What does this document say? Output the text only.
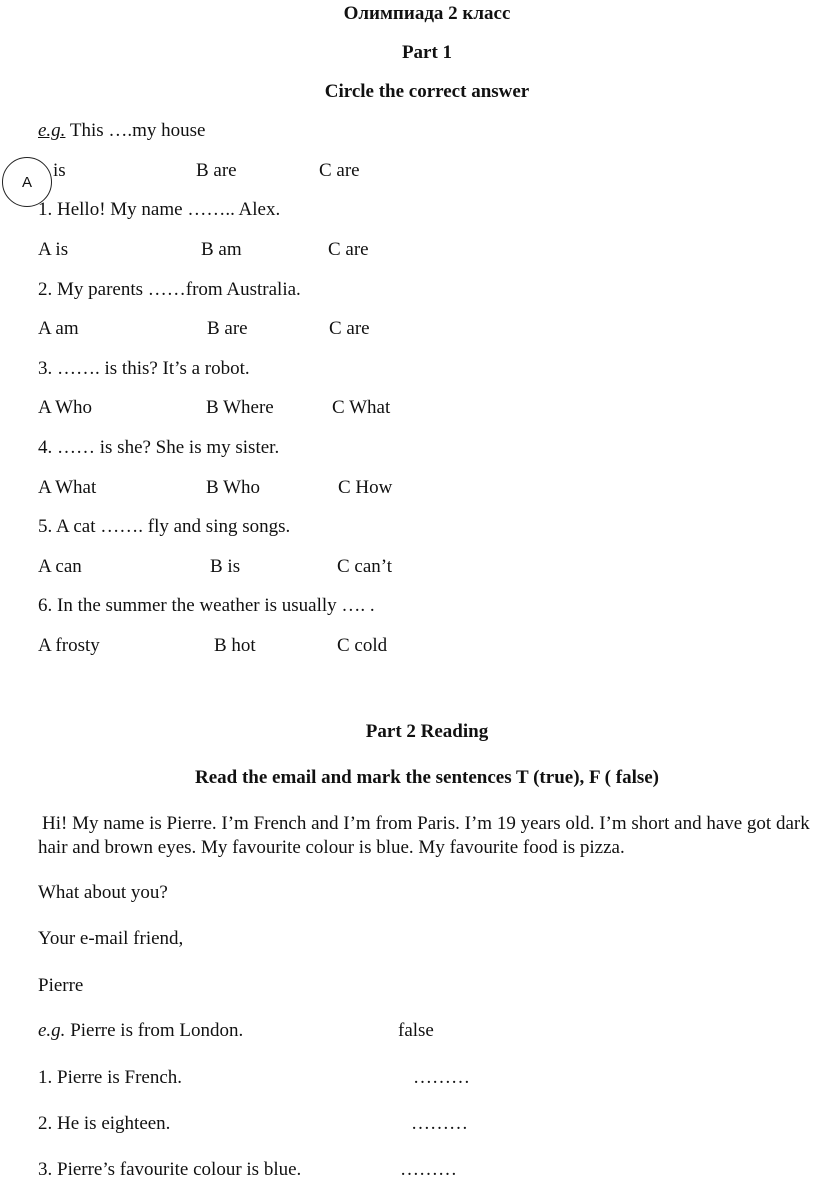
Олимпиада 2 класс
Part 1
Circle the correct answer
e.g. This ….my house
A
is	B are	C are
1. Hello! My name …….. Alex.
A is	B am	C are
2. My parents ……from Australia.
A am	B are	C are
3. ……. is this? It’s a robot.
A Who	B Where	C What
4. …… is she? She is my sister.
A What	B Who	C How
5. A cat ……. fly and sing songs.
A can	B is	C can’t
6. In the summer the weather is usually …. .
A frosty	B hot	C cold
Part 2 Reading
Read the email and mark the sentences T (true), F ( false)
Hi! My name is Pierre. I’m French and I’m from Paris. I’m 19 years old. I’m short and have got dark hair and brown eyes. My favourite colour is blue. My favourite food is pizza.
What about you?
Your e-mail friend,
Pierre
e.g. Pierre is from London.	false
1. Pierre is French.	………
2. He is eighteen.	………
3. Pierre’s favourite colour is blue.	………
